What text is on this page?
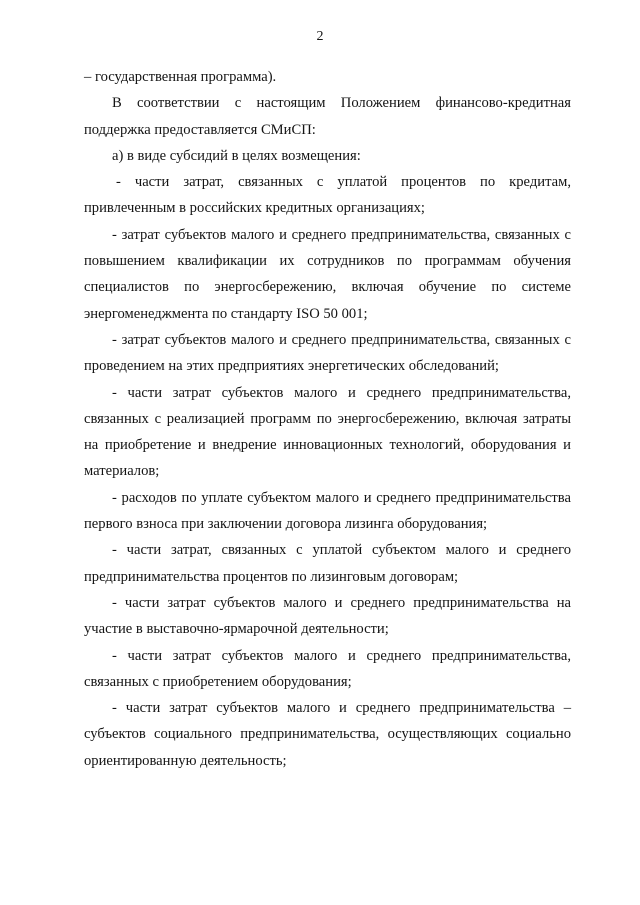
2

– государственная программа).

В соответствии с настоящим Положением финансово-кредитная поддержка предоставляется СМиСП:

а) в виде субсидий в целях возмещения:

- части затрат, связанных с уплатой процентов по кредитам, привлеченным в российских кредитных организациях;

- затрат субъектов малого и среднего предпринимательства, связанных с повышением квалификации их сотрудников по программам обучения специалистов по энергосбережению, включая обучение по системе энергоменеджмента по стандарту ISO 50 001;

- затрат субъектов малого и среднего предпринимательства, связанных с проведением на этих предприятиях энергетических обследований;

- части затрат субъектов малого и среднего предпринимательства, связанных с реализацией программ по энергосбережению, включая затраты на приобретение и внедрение инновационных технологий, оборудования и материалов;

- расходов по уплате субъектом малого и среднего предпринимательства первого взноса при заключении договора лизинга оборудования;

- части затрат, связанных с уплатой субъектом малого и среднего предпринимательства процентов по лизинговым договорам;

- части затрат субъектов малого и среднего предпринимательства на участие в выставочно-ярмарочной деятельности;

- части затрат субъектов малого и среднего предпринимательства, связанных с приобретением оборудования;

- части затрат субъектов малого и среднего предпринимательства – субъектов социального предпринимательства, осуществляющих социально ориентированную деятельность;
